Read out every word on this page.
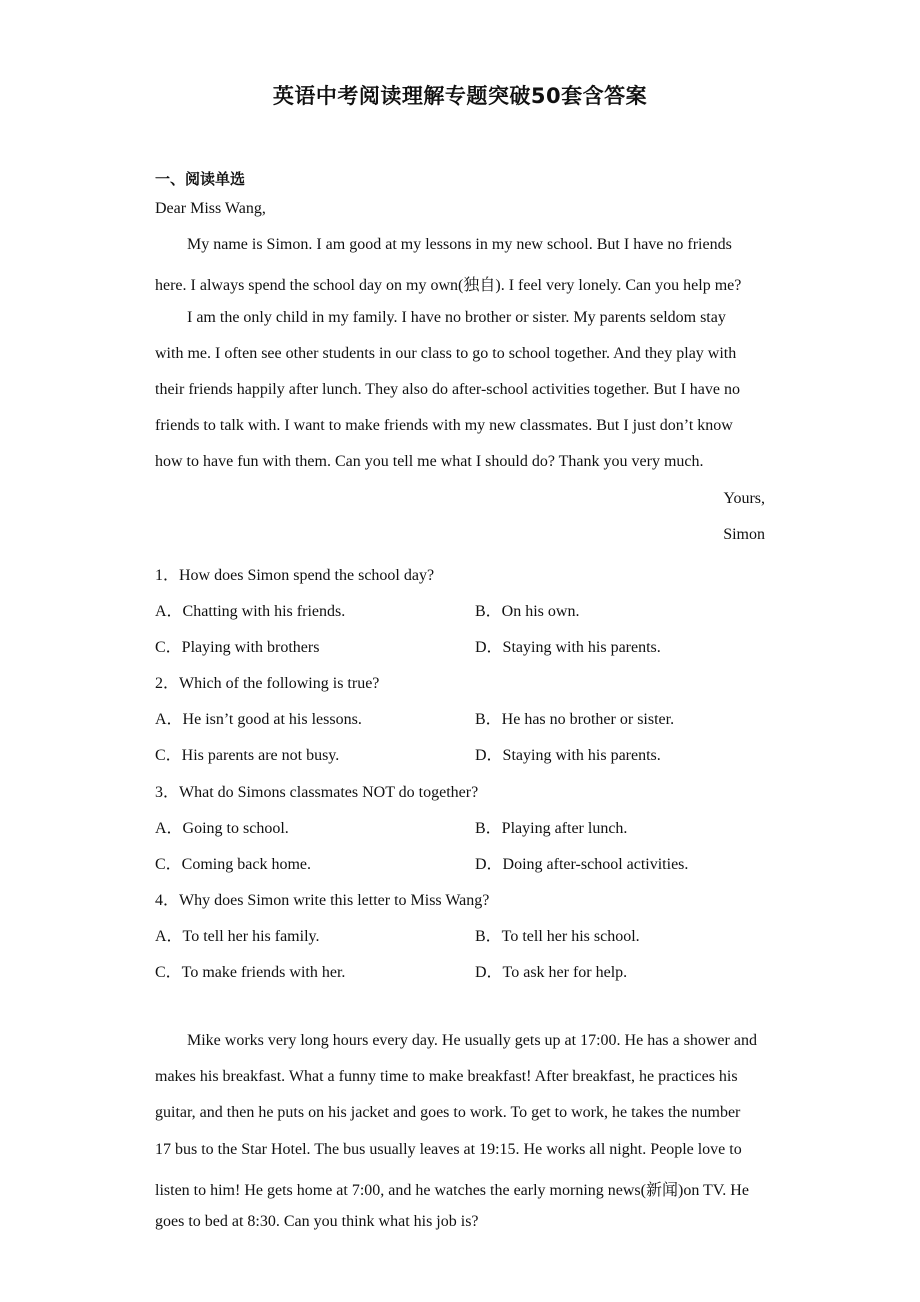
英语中考阅读理解专题突破50套含答案
一、阅读单选
Dear Miss Wang,
My name is Simon. I am good at my lessons in my new school. But I have no friends
here. I always spend the school day on my own(独自). I feel very lonely. Can you help me?
I am the only child in my family. I have no brother or sister. My parents seldom stay
with me. I often see other students in our class to go to school together. And they play with
their friends happily after lunch. They also do after-school activities together. But I have no
friends to talk with. I want to make friends with my new classmates. But I just don’t know
how to have fun with them. Can you tell me what I should do? Thank you very much.
Yours,
Simon
1．How does Simon spend the school day?
A．Chatting with his friends.	B．On his own.
C．Playing with brothers	D．Staying with his parents.
2．Which of the following is true?
A．He isn’t good at his lessons.	B．He has no brother or sister.
C．His parents are not busy.	D．Staying with his parents.
3．What do Simons classmates NOT do together?
A．Going to school.	B．Playing after lunch.
C．Coming back home.	D．Doing after-school activities.
4．Why does Simon write this letter to Miss Wang?
A．To tell her his family.	B．To tell her his school.
C．To make friends with her.	D．To ask her for help.
Mike works very long hours every day. He usually gets up at 17:00. He has a shower and
makes his breakfast. What a funny time to make breakfast! After breakfast, he practices his
guitar, and then he puts on his jacket and goes to work. To get to work, he takes the number
17 bus to the Star Hotel. The bus usually leaves at 19:15. He works all night. People love to
listen to him! He gets home at 7:00, and he watches the early morning news(新闻)on TV. He
goes to bed at 8:30. Can you think what his job is?
